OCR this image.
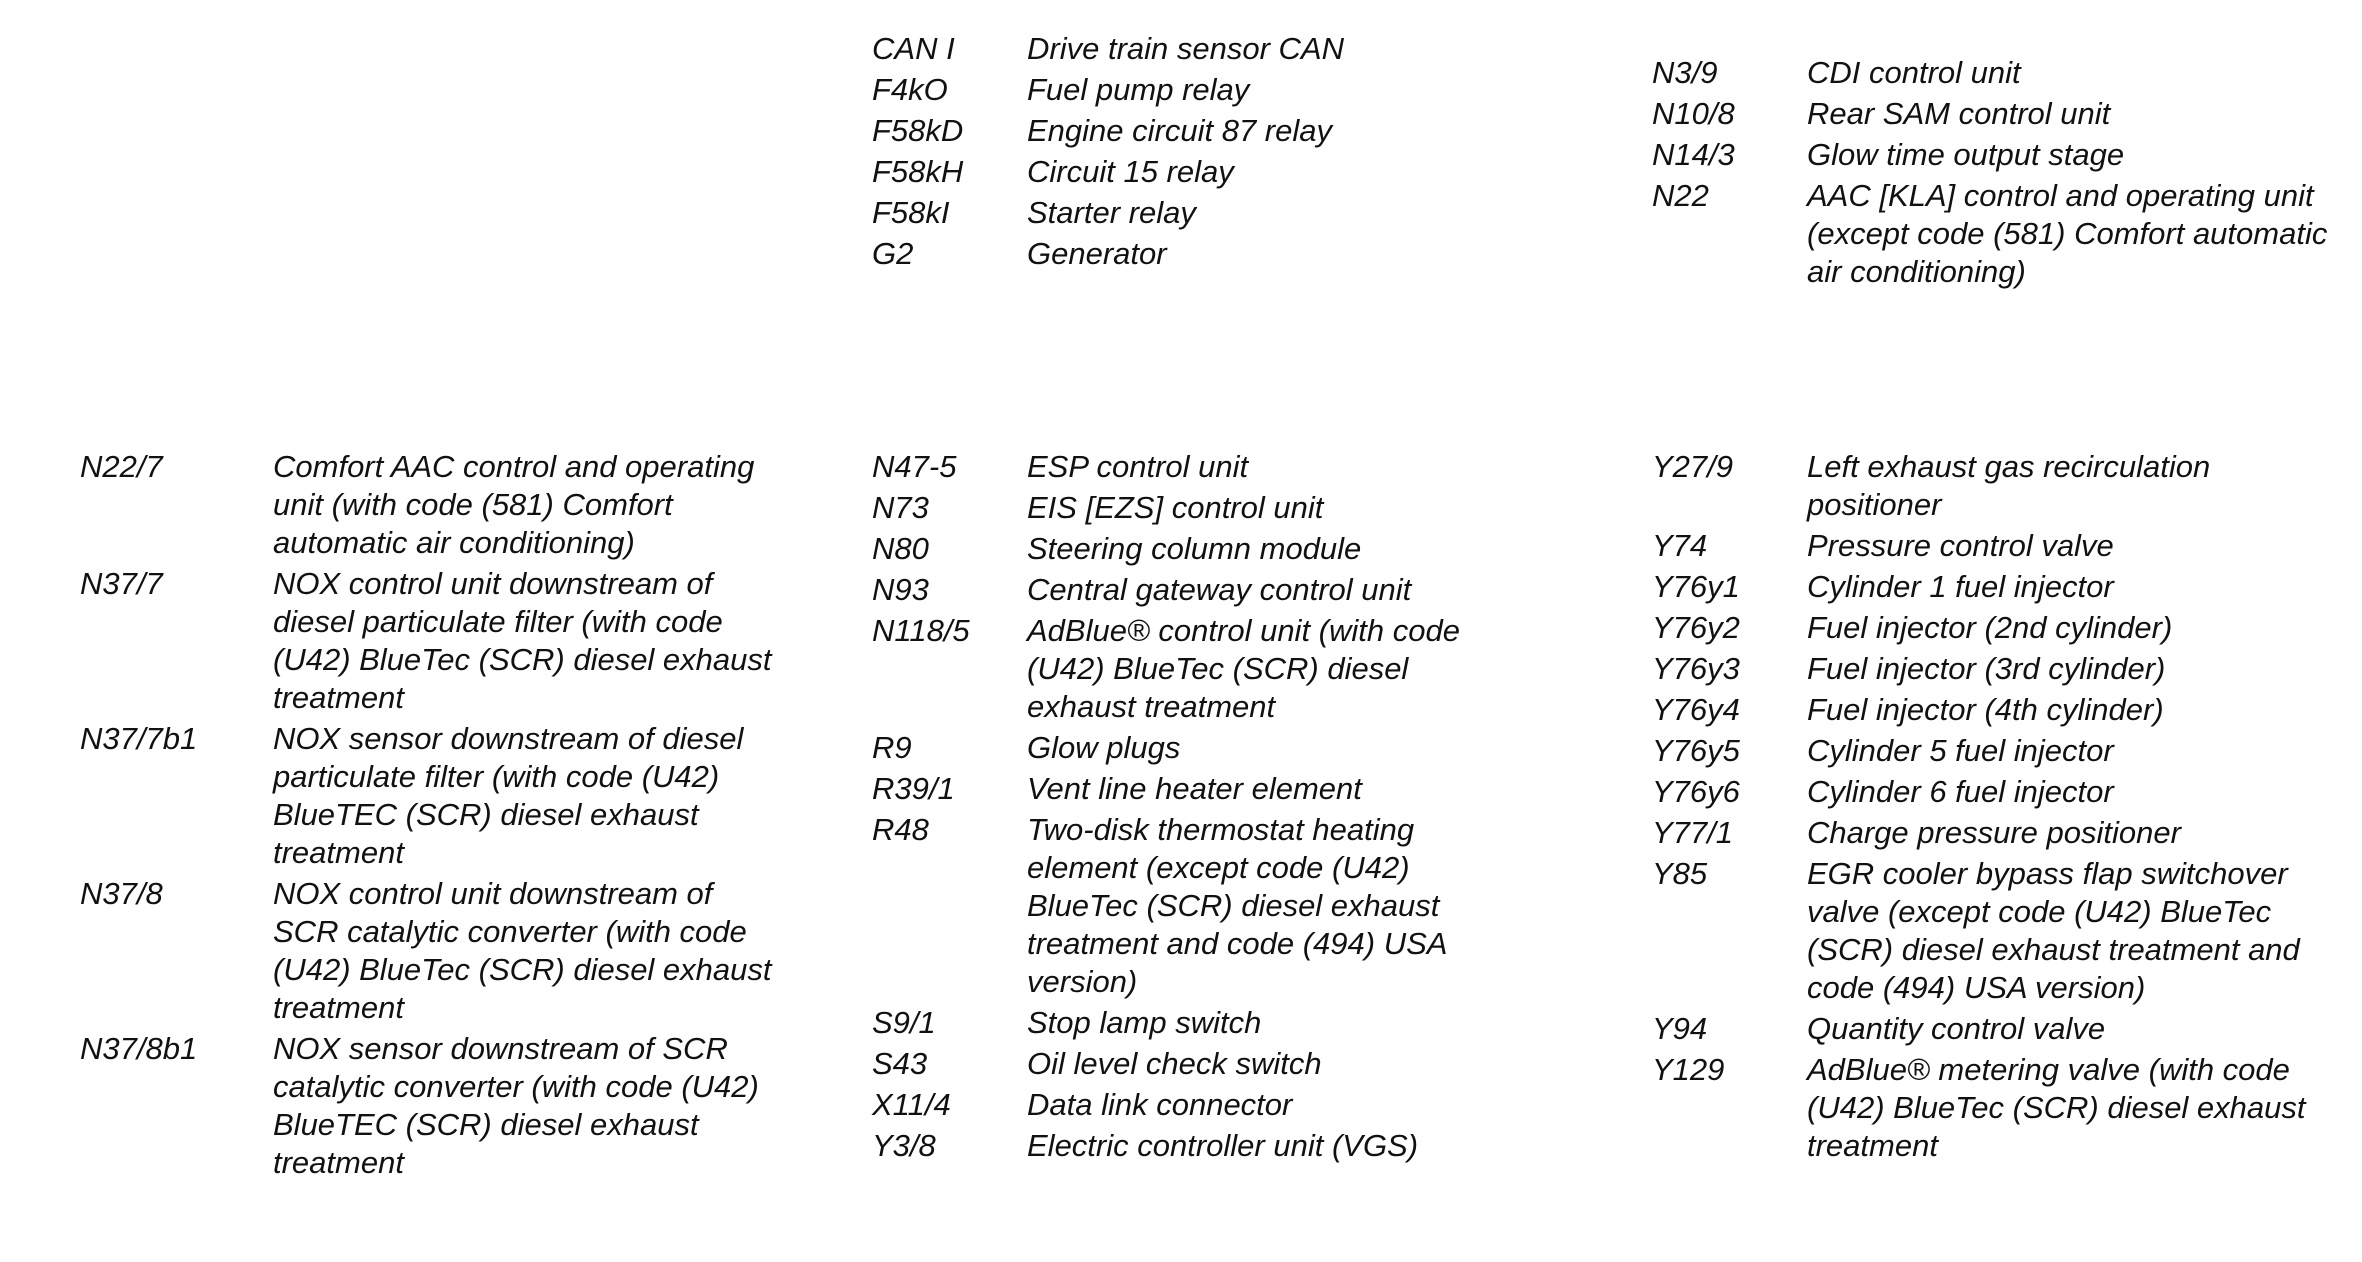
CAN I	Drive train sensor CAN
F4kO	Fuel pump relay
F58kD	Engine circuit 87 relay
F58kH	Circuit 15 relay
F58kI	Starter relay
G2	Generator
N3/9	CDI control unit
N10/8	Rear SAM control unit
N14/3	Glow time output stage
N22	AAC [KLA] control and operating unit (except code (581) Comfort automatic air conditioning)
N22/7	Comfort AAC control and operating unit (with code (581) Comfort automatic air conditioning)
N37/7	NOX control unit downstream of diesel particulate filter (with code (U42) BlueTec (SCR) diesel exhaust treatment
N37/7b1	NOX sensor downstream of diesel particulate filter (with code (U42) BlueTEC (SCR) diesel exhaust treatment
N37/8	NOX control unit downstream of SCR catalytic converter (with code (U42) BlueTec (SCR) diesel exhaust treatment
N37/8b1	NOX sensor downstream of SCR catalytic converter (with code (U42) BlueTEC (SCR) diesel exhaust treatment
N47-5	ESP control unit
N73	EIS [EZS] control unit
N80	Steering column module
N93	Central gateway control unit
N118/5	AdBlue® control unit (with code (U42) BlueTec (SCR) diesel exhaust treatment
R9	Glow plugs
R39/1	Vent line heater element
R48	Two-disk thermostat heating element (except code (U42) BlueTec (SCR) diesel exhaust treatment and code (494) USA version)
S9/1	Stop lamp switch
S43	Oil level check switch
X11/4	Data link connector
Y3/8	Electric controller unit (VGS)
Y27/9	Left exhaust gas recirculation positioner
Y74	Pressure control valve
Y76y1	Cylinder 1 fuel injector
Y76y2	Fuel injector (2nd cylinder)
Y76y3	Fuel injector (3rd cylinder)
Y76y4	Fuel injector (4th cylinder)
Y76y5	Cylinder 5 fuel injector
Y76y6	Cylinder 6 fuel injector
Y77/1	Charge pressure positioner
Y85	EGR cooler bypass flap switchover valve (except code (U42) BlueTec (SCR) diesel exhaust treatment and code (494) USA version)
Y94	Quantity control valve
Y129	AdBlue® metering valve (with code (U42) BlueTec (SCR) diesel exhaust treatment
